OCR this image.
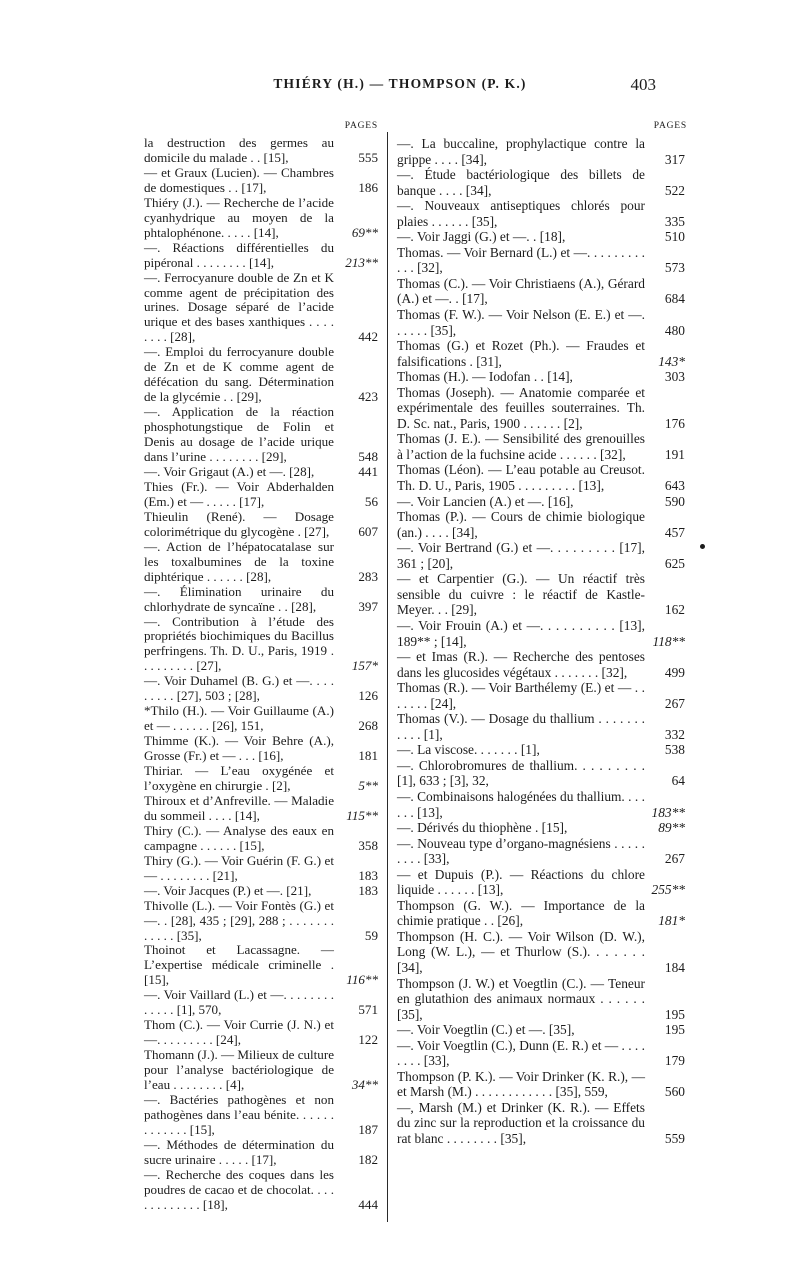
THIÉRY (H.) — THOMPSON (P. K.)	403
PAGES
la destruction des germes au domicile du malade . . [15],	555
— et Graux (Lucien). — Chambres de domestiques . . [17],	186
Thiéry (J.). — Recherche de l’acide cyanhydrique au moyen de la phtalophénone. . . . . [14],	69**
—. Réactions différentielles du pipéronal . . . . . . . . [14],	213**
—. Ferrocyanure double de Zn et K comme agent de précipitation des urines. Dosage séparé de l’acide urique et des bases xanthiques . . . . . . . . [28],	442
—. Emploi du ferrocyanure double de Zn et de K comme agent de défécation du sang. Détermination de la glycémie . . [29],	423
—. Application de la réaction phosphotungstique de Folin et Denis au dosage de l’acide urique dans l’urine . . . . . . . . [29],	548
—. Voir Grigaut (A.) et —. [28],	441
Thies (Fr.). — Voir Abderhalden (Em.) et — . . . . . [17],	56
Thieulin (René). — Dosage colorimétrique du glycogène . [27],	607
—. Action de l’hépatocatalase sur les toxalbumines de la toxine diphtérique . . . . . . [28],	283
—. Élimination urinaire du chlorhydrate de syncaïne . . [28],	397
—. Contribution à l’étude des propriétés biochimiques du Bacillus perfringens. Th. D. U., Paris, 1919 . . . . . . . . . [27],	157*
—. Voir Duhamel (B. G.) et —. . . . . . . . . [27], 503 ; [28],	126
*Thilo (H.). — Voir Guillaume (A.) et — . . . . . . [26], 151,	268
Thimme (K.). — Voir Behre (A.), Grosse (Fr.) et — . . . [16],	181
Thiriar. — L’eau oxygénée et l’oxygène en chirurgie . [2],	5**
Thiroux et d’Anfreville. — Maladie du sommeil . . . . [14],	115**
Thiry (C.). — Analyse des eaux en campagne . . . . . . [15],	358
Thiry (G.). — Voir Guérin (F. G.) et — . . . . . . . . [21],	183
—. Voir Jacques (P.) et —. [21],	183
Thivolle (L.). — Voir Fontès (G.) et —. . [28], 435 ; [29], 288 ; . . . . . . . . . . . . [35],	59
Thoinot et Lacassagne. — L’expertise médicale criminelle . [15],	116**
—. Voir Vaillard (L.) et —. . . . . . . . . . . . . [1], 570,	571
Thom (C.). — Voir Currie (J. N.) et —. . . . . . . . . [24],	122
Thomann (J.). — Milieux de culture pour l’analyse bactériologique de l’eau . . . . . . . . [4],	34**
—. Bactéries pathogènes et non pathogènes dans l’eau bénite. . . . . . . . . . . . . [15],	187
—. Méthodes de détermination du sucre urinaire . . . . . [17],	182
—. Recherche des coques dans les poudres de cacao et de chocolat. . . . . . . . . . . . . [18],	444
PAGES
—. La buccaline, prophylactique contre la grippe . . . . [34],	317
—. Étude bactériologique des billets de banque . . . . [34],	522
—. Nouveaux antiseptiques chlorés pour plaies . . . . . . [35],	335
—. Voir Jaggi (G.) et —. . [18],	510
Thomas. — Voir Bernard (L.) et —. . . . . . . . . . . . [32],	573
Thomas (C.). — Voir Christiaens (A.), Gérard (A.) et —. . [17],	684
Thomas (F. W.). — Voir Nelson (E. E.) et —. . . . . . [35],	480
Thomas (G.) et Rozet (Ph.). — Fraudes et falsifications . [31],	143*
Thomas (H.). — Iodofan . . [14],	303
Thomas (Joseph). — Anatomie comparée et expérimentale des feuilles souterraines. Th. D. Sc. nat., Paris, 1900 . . . . . . [2],	176
Thomas (J. E.). — Sensibilité des grenouilles à l’action de la fuchsine acide . . . . . . [32],	191
Thomas (Léon). — L’eau potable au Creusot. Th. D. U., Paris, 1905 . . . . . . . . . [13],	643
—. Voir Lancien (A.) et —. [16],	590
Thomas (P.). — Cours de chimie biologique (an.) . . . . [34],	457
—. Voir Bertrand (G.) et —. . . . . . . . . [17], 361 ; [20],	625
— et Carpentier (G.). — Un réactif très sensible du cuivre : le réactif de Kastle-Meyer. . . [29],	162
—. Voir Frouin (A.) et —. . . . . . . . . . [13], 189** ; [14],	118**
— et Imas (R.). — Recherche des pentoses dans les glucosides végétaux . . . . . . . [32],	499
Thomas (R.). — Voir Barthélemy (E.) et — . . . . . . . [24],	267
Thomas (V.). — Dosage du thallium . . . . . . . . . . . [1],	332
—. La viscose. . . . . . . [1],	538
—. Chlorobromures de thallium. . . . . . . . . [1], 633 ; [3], 32,	64
—. Combinaisons halogénées du thallium. . . . . . . [13],	183**
—. Dérivés du thiophène . [15],	89**
—. Nouveau type d’organo-magnésiens . . . . . . . . . [33],	267
— et Dupuis (P.). — Réactions du chlore liquide . . . . . . [13],	255**
Thompson (G. W.). — Importance de la chimie pratique . . [26],	181*
Thompson (H. C.). — Voir Wilson (D. W.), Long (W. L.), — et Thurlow (S.). . . . . . . [34],	184
Thompson (J. W.) et Voegtlin (C.). — Teneur en glutathion des animaux normaux . . . . . . [35],	195
—. Voir Voegtlin (C.) et —. [35],	195
—. Voir Voegtlin (C.), Dunn (E. R.) et — . . . . . . . . [33],	179
Thompson (P. K.). — Voir Drinker (K. R.), — et Marsh (M.) . . . . . . . . . . . . [35], 559,	560
—, Marsh (M.) et Drinker (K. R.). — Effets du zinc sur la reproduction et la croissance du rat blanc . . . . . . . . [35],	559
